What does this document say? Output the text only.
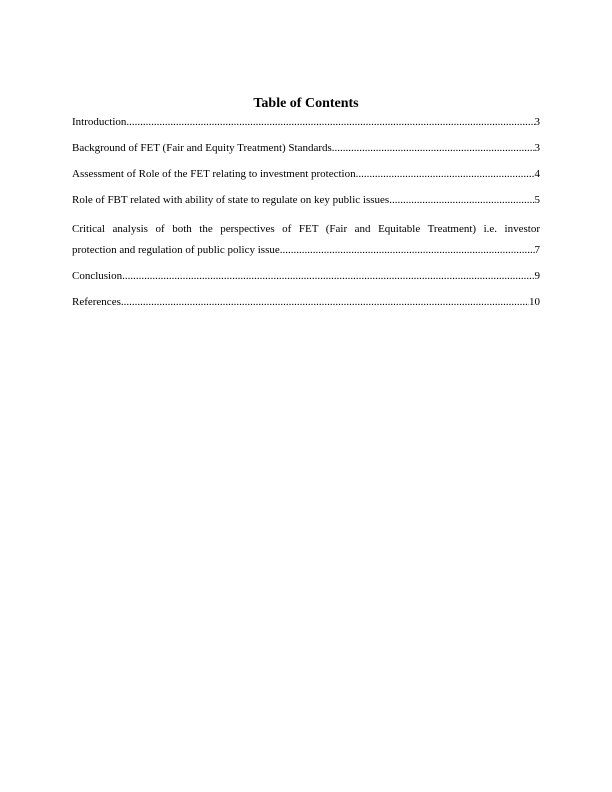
Table of Contents
Introduction .....	3
Background of FET (Fair and Equity Treatment) Standards .....	3
Assessment of Role of the FET relating to investment protection .....	4
Role of FBT related with ability of state to regulate on key public issues .....	5
Critical analysis of both the perspectives of FET (Fair and Equitable Treatment) i.e. investor
protection and regulation of public policy issue .....	7
Conclusion .....	9
References .....	10
